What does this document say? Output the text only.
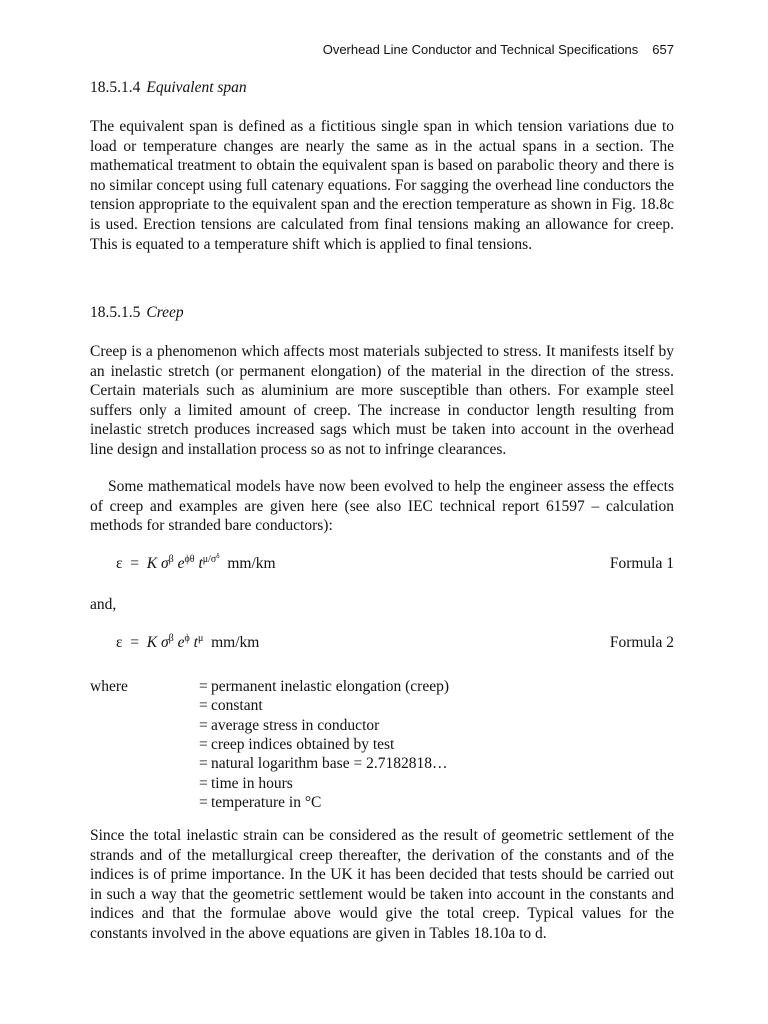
Overhead Line Conductor and Technical Specifications 657
18.5.1.4 Equivalent span

The equivalent span is defined as a fictitious single span in which tension variations due to load or temperature changes are nearly the same as in the actual spans in a section. The mathematical treatment to obtain the equivalent span is based on parabolic theory and there is no similar concept using full catenary equations. For sagging the overhead line conductors the tension appropriate to the equivalent span and the erection temperature as shown in Fig. 18.8c is used. Erection tensions are calculated from final tensions making an allowance for creep. This is equated to a temperature shift which is applied to final tensions.

18.5.1.5 Creep

Creep is a phenomenon which affects most materials subjected to stress. It manifests itself by an inelastic stretch (or permanent elongation) of the material in the direction of the stress. Certain materials such as aluminium are more susceptible than others. For example steel suffers only a limited amount of creep. The increase in conductor length resulting from inelastic stretch produces increased sags which must be taken into account in the overhead line design and installation process so as not to infringe clearances.

Some mathematical models have now been evolved to help the engineer assess the effects of creep and examples are given here (see also IEC technical report 61597 – calculation methods for stranded bare conductors):

ε  =  K $\sigma^\beta$ $e^{\phi\theta}$ $t^{\mu/\sigma^\delta}$ mm/km	Formula 1
and,
ε  =  K $\sigma^\beta$ $e^\phi$ $t^\mu$ mm/km	Formula 2
where	= permanent inelastic elongation (creep)
= constant
= average stress in conductor
= creep indices obtained by test
= natural logarithm base = 2.7182818…
= time in hours
= temperature in °C

Since the total inelastic strain can be considered as the result of geometric settlement of the strands and of the metallurgical creep thereafter, the derivation of the constants and of the indices is of prime importance. In the UK it has been decided that tests should be carried out in such a way that the geometric settlement would be taken into account in the constants and indices and that the formulae above would give the total creep. Typical values for the constants involved in the above equations are given in Tables 18.10a to d.
